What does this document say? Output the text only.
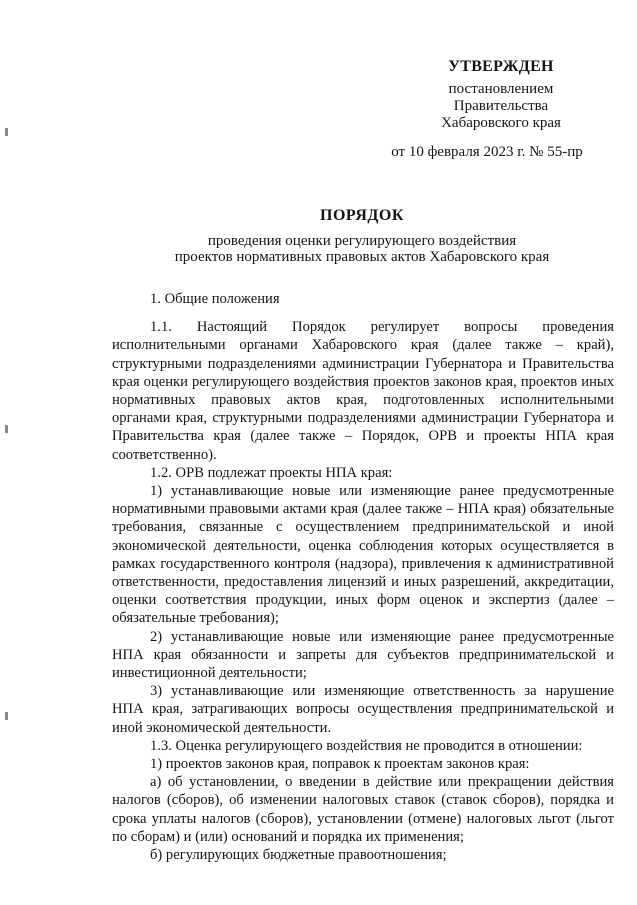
УТВЕРЖДЕН
постановлением
Правительства
Хабаровского края
от 10 февраля 2023 г. № 55-пр
ПОРЯДОК
проведения оценки регулирующего воздействия
проектов нормативных правовых актов Хабаровского края

1. Общие положения

1.1. Настоящий Порядок регулирует вопросы проведения исполнительными органами Хабаровского края (далее также – край), структурными подразделениями администрации Губернатора и Правительства края оценки регулирующего воздействия проектов законов края, проектов иных нормативных правовых актов края, подготовленных исполнительными органами края, структурными подразделениями администрации Губернатора и Правительства края (далее также – Порядок, ОРВ и проекты НПА края соответственно).

1.2. ОРВ подлежат проекты НПА края:

1) устанавливающие новые или изменяющие ранее предусмотренные нормативными правовыми актами края (далее также – НПА края) обязательные требования, связанные с осуществлением предпринимательской и иной экономической деятельности, оценка соблюдения которых осуществляется в рамках государственного контроля (надзора), привлечения к административной ответственности, предоставления лицензий и иных разрешений, аккредитации, оценки соответствия продукции, иных форм оценок и экспертиз (далее – обязательные требования);

2) устанавливающие новые или изменяющие ранее предусмотренные НПА края обязанности и запреты для субъектов предпринимательской и инвестиционной деятельности;

3) устанавливающие или изменяющие ответственность за нарушение НПА края, затрагивающих вопросы осуществления предпринимательской и иной экономической деятельности.

1.3. Оценка регулирующего воздействия не проводится в отношении:

1) проектов законов края, поправок к проектам законов края:

а) об установлении, о введении в действие или прекращении действия налогов (сборов), об изменении налоговых ставок (ставок сборов), порядка и срока уплаты налогов (сборов), установлении (отмене) налоговых льгот (льгот по сборам) и (или) оснований и порядка их применения;

б) регулирующих бюджетные правоотношения;
